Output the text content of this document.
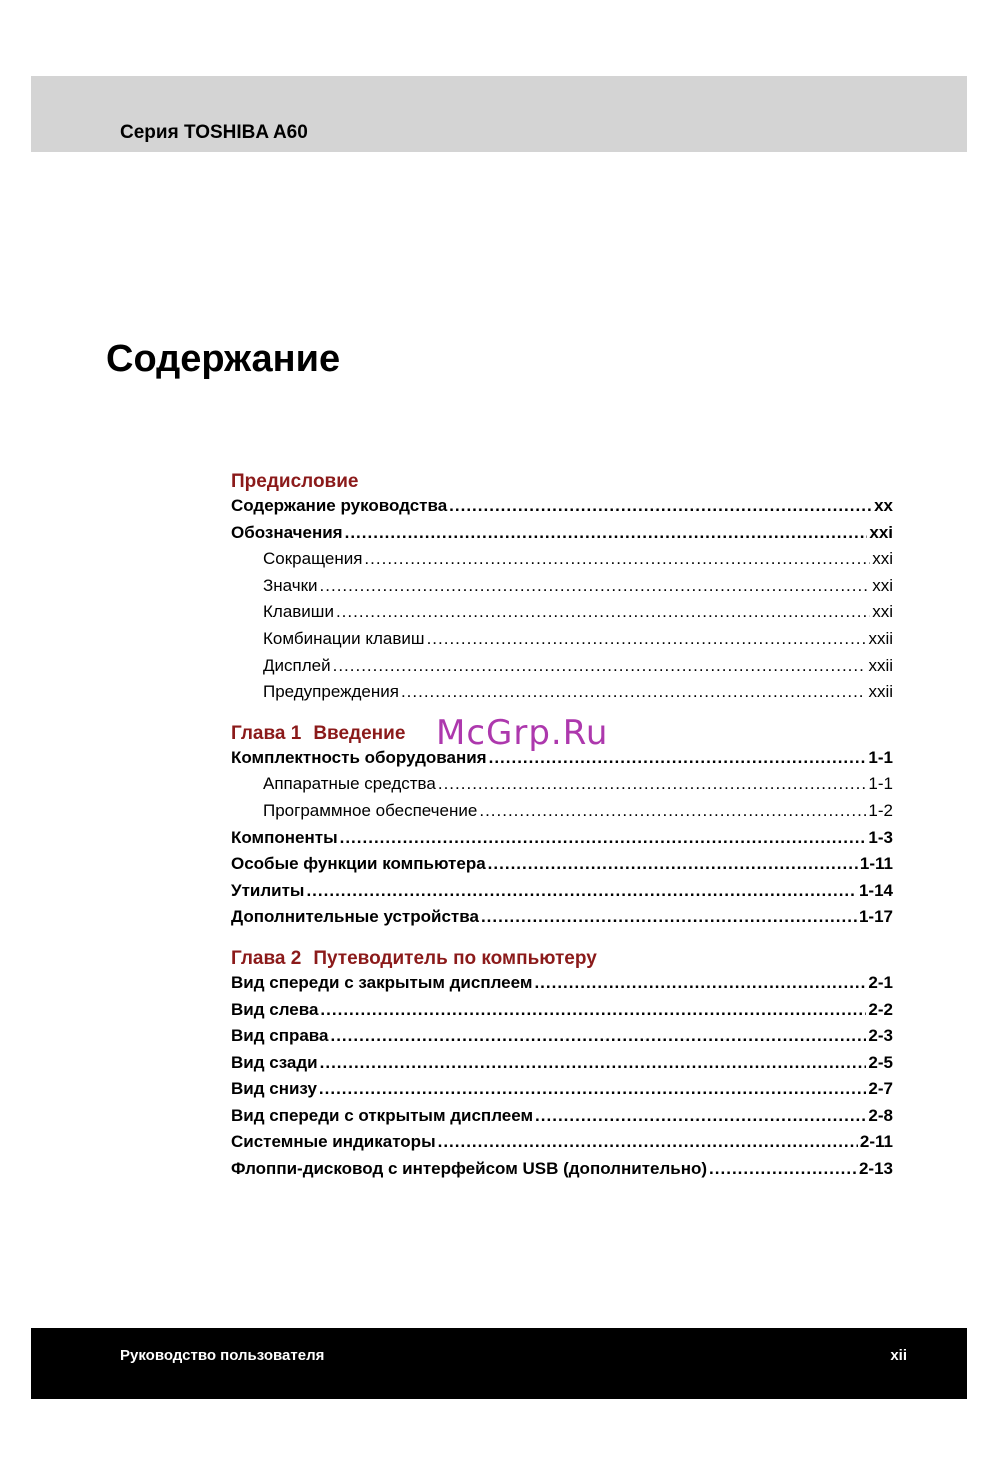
Серия TOSHIBA A60
Содержание
Предисловие
Содержание руководства .....	xx
Обозначения .....	xxi
Сокращения .....	xxi
Значки .....	xxi
Клавиши .....	xxi
Комбинации клавиш .....	xxii
Дисплей .....	xxii
Предупреждения .....	xxii
Глава 1 Введение
Комплектность оборудования .....	1-1
Аппаратные средства .....	1-1
Программное обеспечение .....	1-2
Компоненты .....	1-3
Особые функции компьютера .....	1-11
Утилиты .....	1-14
Дополнительные устройства .....	1-17
Глава 2 Путеводитель по компьютеру
Вид спереди с закрытым дисплеем .....	2-1
Вид слева .....	2-2
Вид справа .....	2-3
Вид сзади .....	2-5
Вид снизу .....	2-7
Вид спереди с открытым дисплеем .....	2-8
Системные индикаторы .....	2-11
Флоппи-дисковод с интерфейсом USB (дополнительно) .....	2-13
McGrp.Ru
Руководство пользователя	xii
